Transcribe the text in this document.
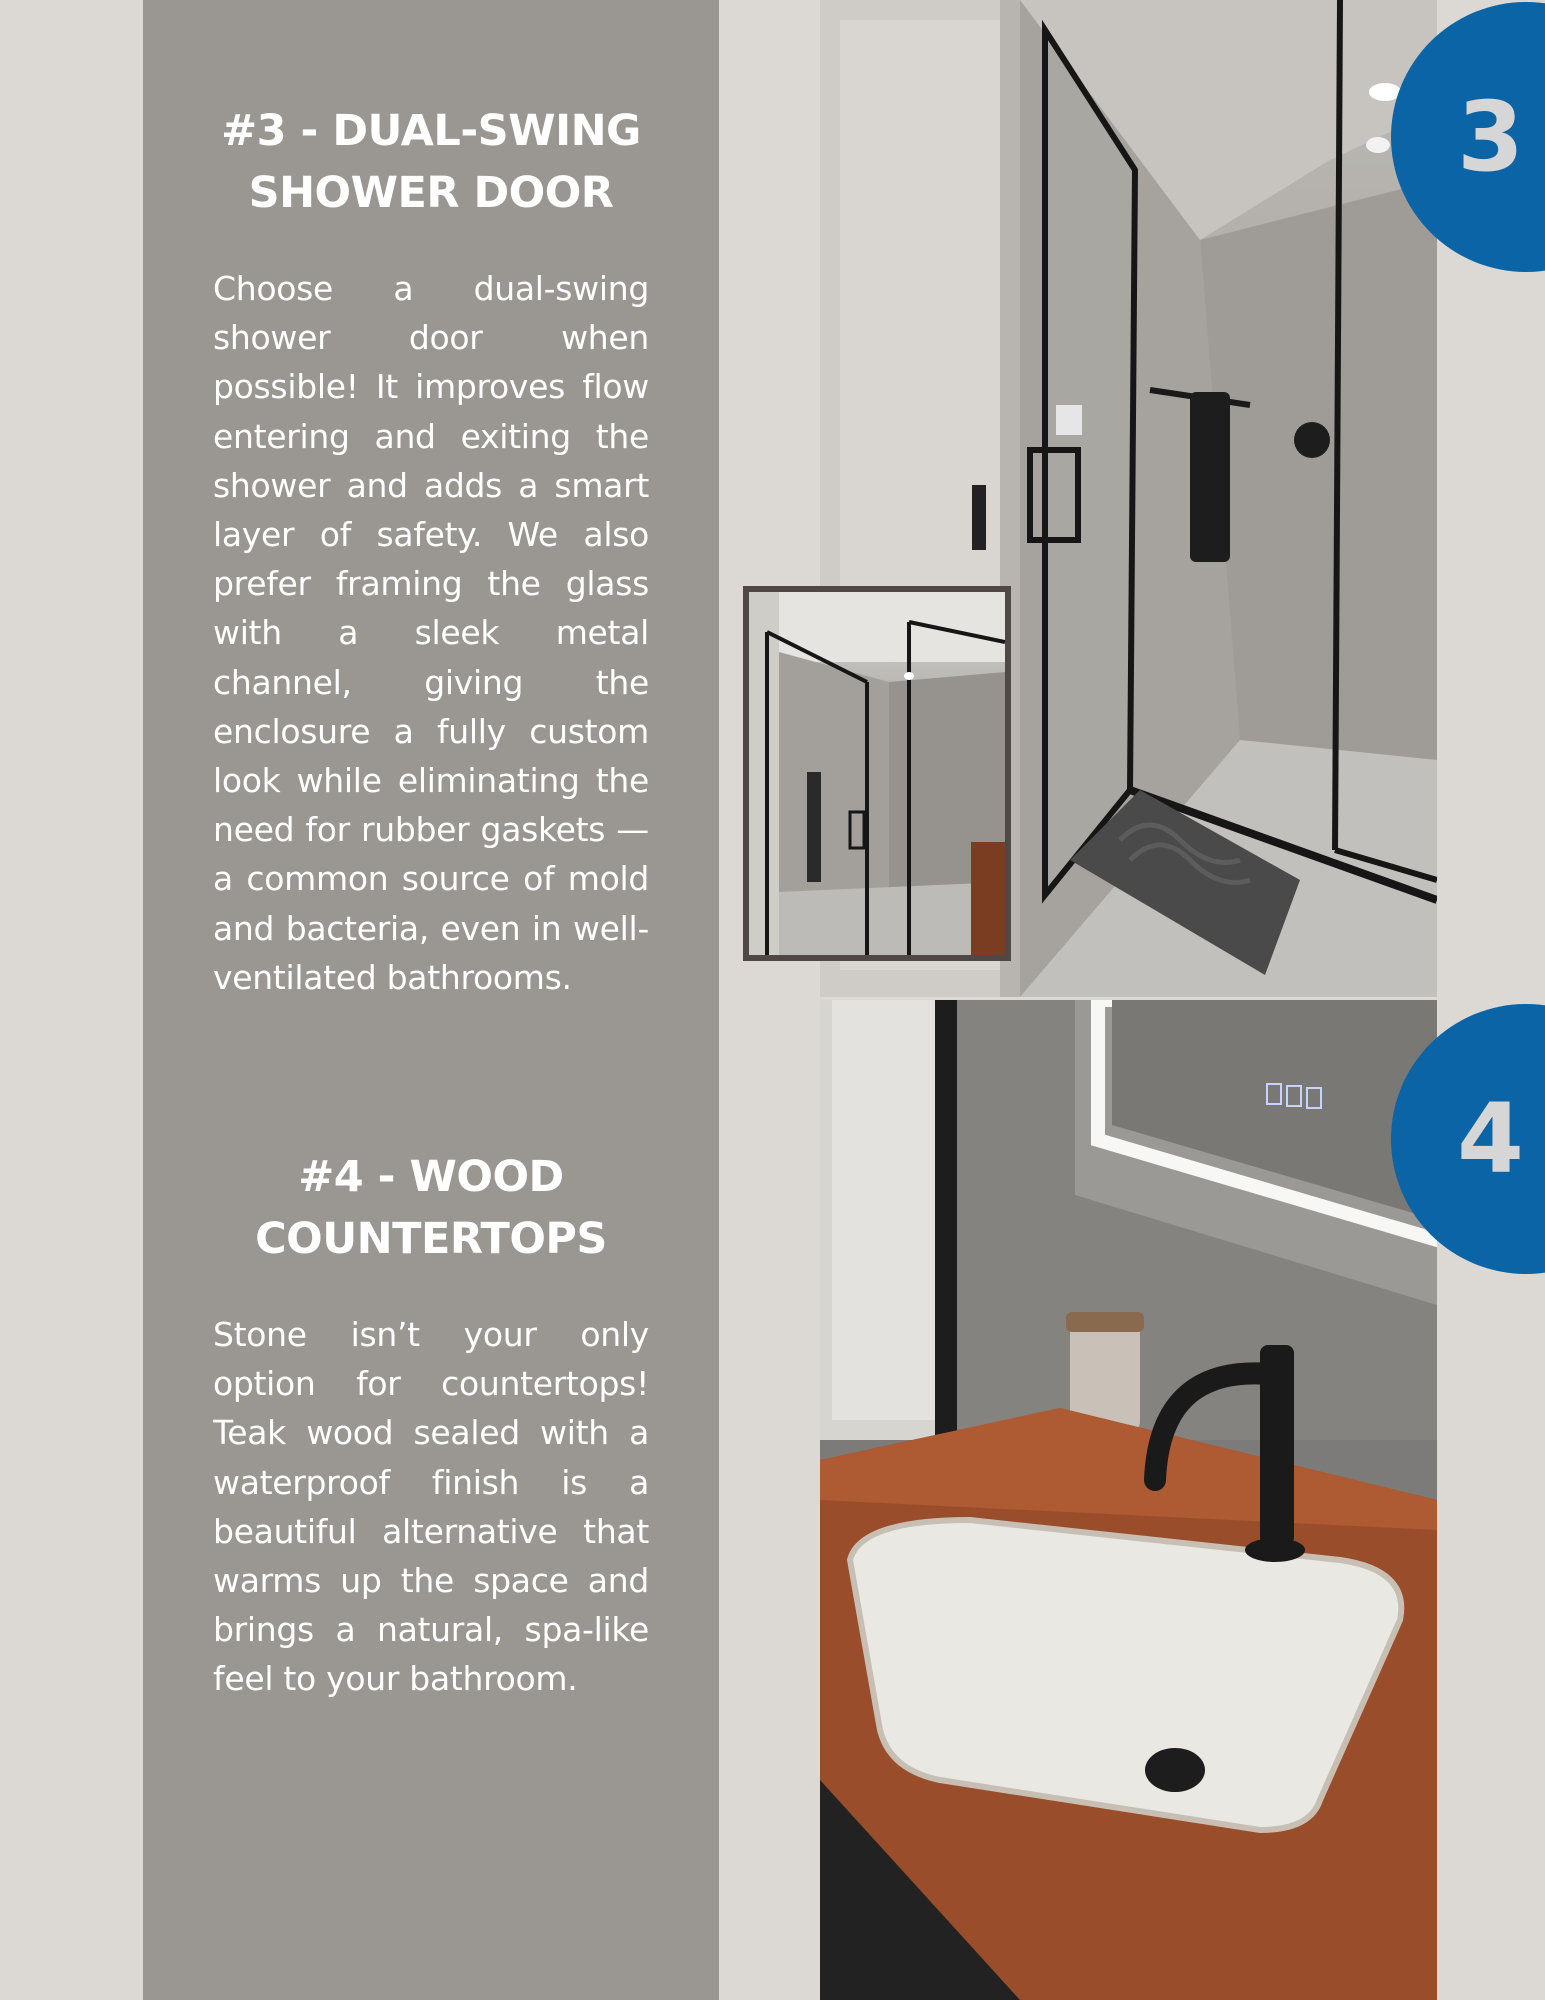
#3 - DUAL-SWING
SHOWER DOOR

Choose a dual-swing shower door when possible! It improves flow entering and exiting the shower and adds a smart layer of safety. We also prefer framing the glass with a sleek metal channel, giving the enclosure a fully custom look while eliminating the need for rubber gaskets — a common source of mold and bacteria, even in well-ventilated bathrooms.

#4 - WOOD
COUNTERTOPS

Stone isn’t your only option for countertops! Teak wood sealed with a waterproof finish is a beautiful alternative that warms up the space and brings a natural, spa-like feel to your bathroom.

3
4
